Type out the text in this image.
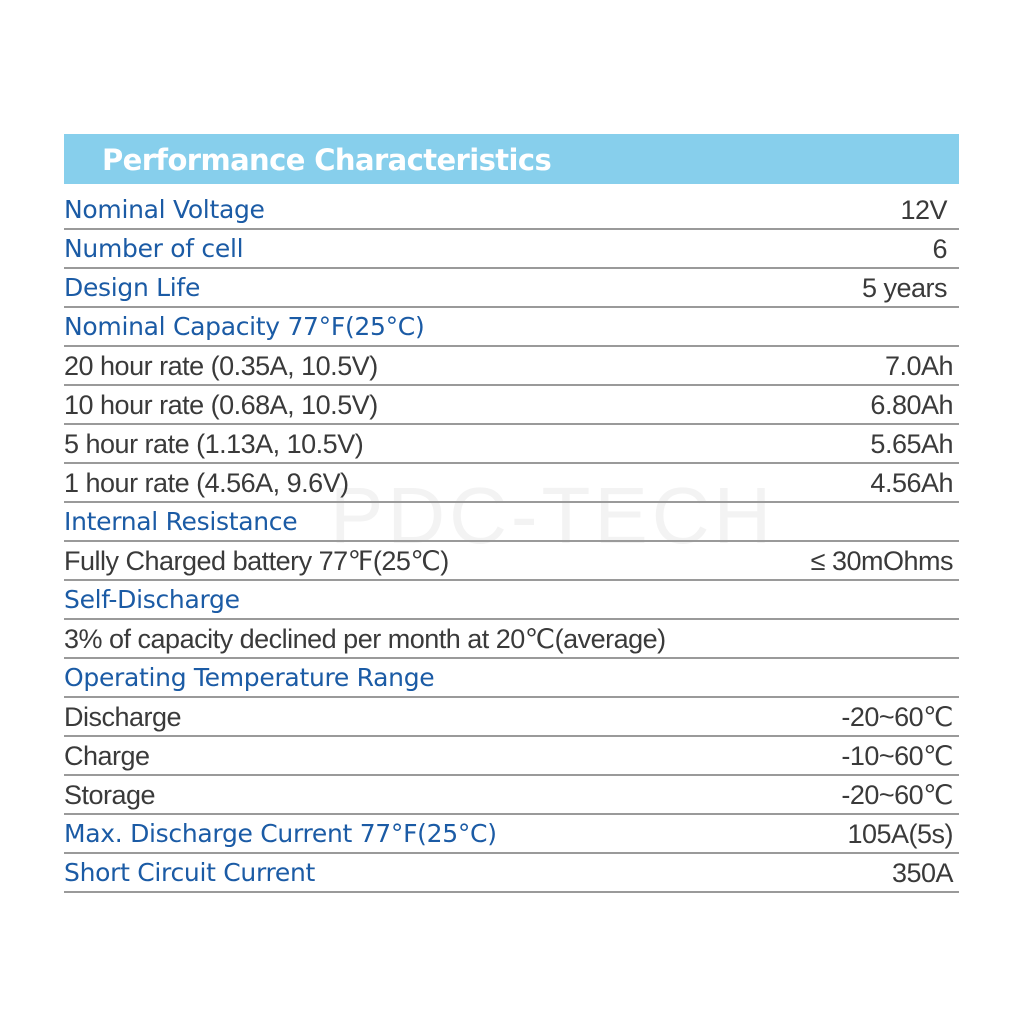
PDC-TECH
Performance Characteristics
Nominal Voltage	12V
Number of cell	6
Design Life	5 years
Nominal Capacity 77°F(25°C)
20 hour rate (0.35A, 10.5V)	7.0Ah
10 hour rate (0.68A, 10.5V)	6.80Ah
5 hour rate (1.13A, 10.5V)	5.65Ah
1 hour rate (4.56A, 9.6V)	4.56Ah
Internal Resistance
Fully Charged battery 77℉(25℃)	≤ 30mOhms
Self-Discharge
3% of capacity declined per month at 20℃(average)
Operating Temperature Range
Discharge	-20~60℃
Charge	-10~60℃
Storage	-20~60℃
Max. Discharge Current 77°F(25°C)	105A(5s)
Short Circuit Current	350A
